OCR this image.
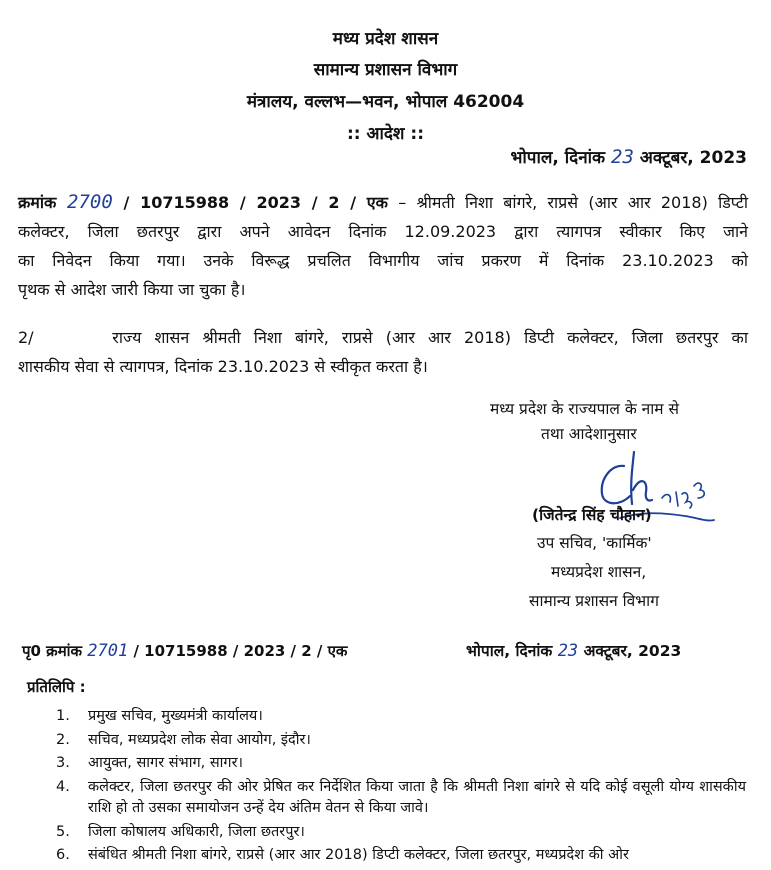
मध्य प्रदेश शासन
सामान्य प्रशासन विभाग
मंत्रालय, वल्लभ—भवन, भोपाल 462004
:: आदेश ::
भोपाल, दिनांक 23 अक्टूबर, 2023

क्रमांक 2700 / 10715988 / 2023 / 2 / एक – श्रीमती निशा बांगरे, राप्रसे (आर आर 2018) डिप्टी
कलेक्टर, जिला छतरपुर द्वारा अपने आवेदन दिनांक 12.09.2023 द्वारा त्यागपत्र स्वीकार किए जाने
का निवेदन किया गया। उनके विरूद्ध प्रचलित विभागीय जांच प्रकरण में दिनांक 23.10.2023 को
पृथक से आदेश जारी किया जा चुका है।

2/	राज्य शासन श्रीमती निशा बांगरे, राप्रसे (आर आर 2018) डिप्टी कलेक्टर, जिला छतरपुर का
शासकीय सेवा से त्यागपत्र, दिनांक 23.10.2023 से स्वीकृत करता है।

मध्य प्रदेश के राज्यपाल के नाम से
तथा आदेशानुसार
(जितेन्द्र सिंह चौहान)
उप सचिव, 'कार्मिक'
मध्यप्रदेश शासन,
सामान्य प्रशासन विभाग
पृ0 क्रमांक 2701 / 10715988 / 2023 / 2 / एक	भोपाल, दिनांक 23 अक्टूबर, 2023
प्रतिलिपि :
1. प्रमुख सचिव, मुख्यमंत्री कार्यालय।
2. सचिव, मध्यप्रदेश लोक सेवा आयोग, इंदौर।
3. आयुक्त, सागर संभाग, सागर।
4. कलेक्टर, जिला छतरपुर की ओर प्रेषित कर निर्देशित किया जाता है कि श्रीमती निशा बांगरे से यदि कोई वसूली योग्य शासकीय राशि हो तो उसका समायोजन उन्हें देय अंतिम वेतन से किया जावे।
5. जिला कोषालय अधिकारी, जिला छतरपुर।
6. संबंधित श्रीमती निशा बांगरे, राप्रसे (आर आर 2018) डिप्टी कलेक्टर, जिला छतरपुर, मध्यप्रदेश की ओर
